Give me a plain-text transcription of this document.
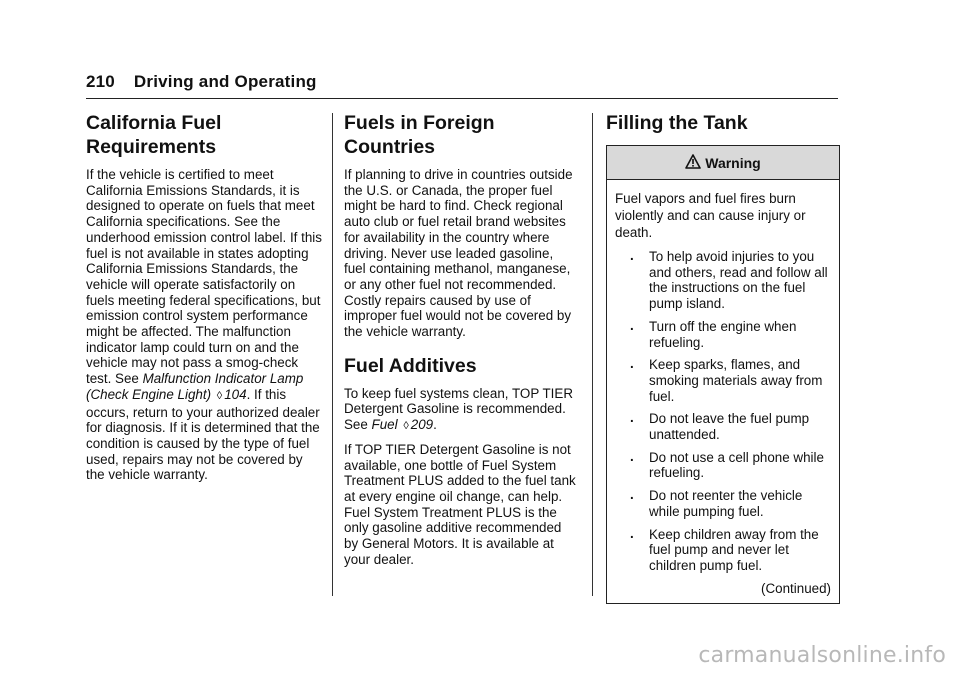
210 Driving and Operating
California Fuel
Requirements

If the vehicle is certified to meet California Emissions Standards, it is designed to operate on fuels that meet California specifications. See the underhood emission control label. If this fuel is not available in states adopting California Emissions Standards, the vehicle will operate satisfactorily on fuels meeting federal specifications, but emission control system performance might be affected. The malfunction indicator lamp could turn on and the vehicle may not pass a smog-check test. See Malfunction Indicator Lamp (Check Engine Light) ◊ 104. If this occurs, return to your authorized dealer for diagnosis. If it is determined that the condition is caused by the type of fuel used, repairs may not be covered by the vehicle warranty.

Fuels in Foreign
Countries

If planning to drive in countries outside the U.S. or Canada, the proper fuel might be hard to find. Check regional auto club or fuel retail brand websites for availability in the country where driving. Never use leaded gasoline, fuel containing methanol, manganese, or any other fuel not recommended. Costly repairs caused by use of improper fuel would not be covered by the vehicle warranty.

Fuel Additives

To keep fuel systems clean, TOP TIER Detergent Gasoline is recommended. See Fuel ◊ 209.

If TOP TIER Detergent Gasoline is not available, one bottle of Fuel System Treatment PLUS added to the fuel tank at every engine oil change, can help. Fuel System Treatment PLUS is the only gasoline additive recommended by General Motors. It is available at your dealer.

Filling the Tank
Warning

Fuel vapors and fuel fires burn violently and can cause injury or death.

. To help avoid injuries to you and others, read and follow all the instructions on the fuel pump island.
. Turn off the engine when refueling.
. Keep sparks, flames, and smoking materials away from fuel.
. Do not leave the fuel pump unattended.
. Do not use a cell phone while refueling.
. Do not reenter the vehicle while pumping fuel.
. Keep children away from the fuel pump and never let children pump fuel.
(Continued)
carmanualsonline.info
